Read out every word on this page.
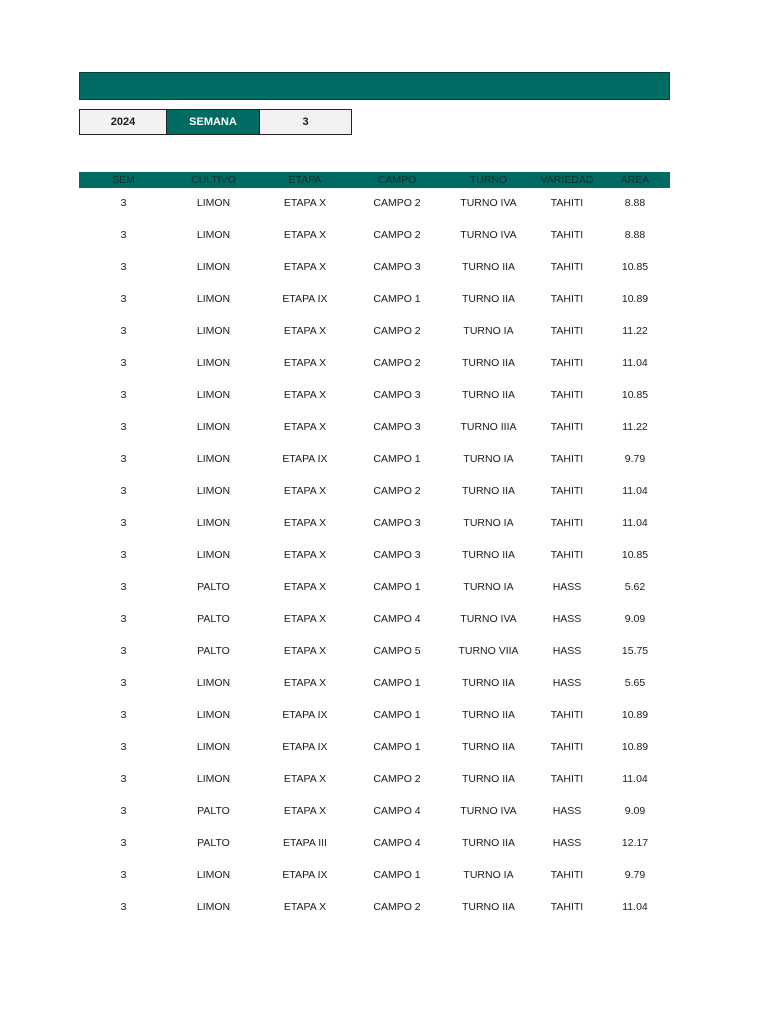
2024	SEMANA	3
SEM	CULTIVO	ETAPA	CAMPO	TURNO	VARIEDAD	AREA
3	LIMON	ETAPA X	CAMPO 2	TURNO IVA	TAHITI	8.88
3	LIMON	ETAPA X	CAMPO 2	TURNO IVA	TAHITI	8.88
3	LIMON	ETAPA X	CAMPO 3	TURNO IIA	TAHITI	10.85
3	LIMON	ETAPA IX	CAMPO 1	TURNO IIA	TAHITI	10.89
3	LIMON	ETAPA X	CAMPO 2	TURNO IA	TAHITI	11.22
3	LIMON	ETAPA X	CAMPO 2	TURNO IIA	TAHITI	11.04
3	LIMON	ETAPA X	CAMPO 3	TURNO IIA	TAHITI	10.85
3	LIMON	ETAPA X	CAMPO 3	TURNO IIIA	TAHITI	11.22
3	LIMON	ETAPA IX	CAMPO 1	TURNO IA	TAHITI	9.79
3	LIMON	ETAPA X	CAMPO 2	TURNO IIA	TAHITI	11.04
3	LIMON	ETAPA X	CAMPO 3	TURNO IA	TAHITI	11.04
3	LIMON	ETAPA X	CAMPO 3	TURNO IIA	TAHITI	10.85
3	PALTO	ETAPA X	CAMPO 1	TURNO IA	HASS	5.62
3	PALTO	ETAPA X	CAMPO 4	TURNO IVA	HASS	9.09
3	PALTO	ETAPA X	CAMPO 5	TURNO VIIA	HASS	15.75
3	LIMON	ETAPA X	CAMPO 1	TURNO IIA	HASS	5.65
3	LIMON	ETAPA IX	CAMPO 1	TURNO IIA	TAHITI	10.89
3	LIMON	ETAPA IX	CAMPO 1	TURNO IIA	TAHITI	10.89
3	LIMON	ETAPA X	CAMPO 2	TURNO IIA	TAHITI	11.04
3	PALTO	ETAPA X	CAMPO 4	TURNO IVA	HASS	9.09
3	PALTO	ETAPA III	CAMPO 4	TURNO IIA	HASS	12.17
3	LIMON	ETAPA IX	CAMPO 1	TURNO IA	TAHITI	9.79
3	LIMON	ETAPA X	CAMPO 2	TURNO IIA	TAHITI	11.04
